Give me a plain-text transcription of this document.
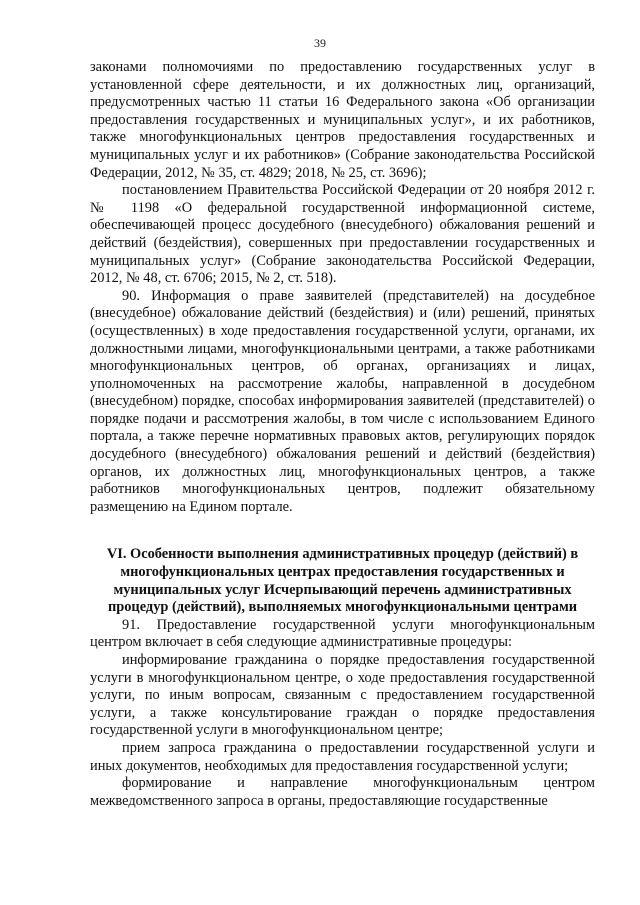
39

законами полномочиями по предоставлению государственных услуг в установленной сфере деятельности, и их должностных лиц, организаций, предусмотренных частью 11 статьи 16 Федерального закона «Об организации предоставления государственных и муниципальных услуг», и их работников, также многофункциональных центров предоставления государственных и муниципальных услуг и их работников» (Собрание законодательства Российской Федерации, 2012, № 35, ст. 4829; 2018, № 25, ст. 3696);

постановлением Правительства Российской Федерации от 20 ноября 2012 г. № 1198 «О федеральной государственной информационной системе, обеспечивающей процесс досудебного (внесудебного) обжалования решений и действий (бездействия), совершенных при предоставлении государственных и муниципальных услуг» (Собрание законодательства Российской Федерации, 2012, № 48, ст. 6706; 2015, № 2, ст. 518).

90. Информация о праве заявителей (представителей) на досудебное (внесудебное) обжалование действий (бездействия) и (или) решений, принятых (осуществленных) в ходе предоставления государственной услуги, органами, их должностными лицами, многофункциональными центрами, а также работниками многофункциональных центров, об органах, организациях и лицах, уполномоченных на рассмотрение жалобы, направленной в досудебном (внесудебном) порядке, способах информирования заявителей (представителей) о порядке подачи и рассмотрения жалобы, в том числе с использованием Единого портала, а также перечне нормативных правовых актов, регулирующих порядок досудебного (внесудебного) обжалования решений и действий (бездействия) органов, их должностных лиц, многофункциональных центров, а также работников многофункциональных центров, подлежит обязательному размещению на Едином портале.

VI. Особенности выполнения административных процедур (действий) в многофункциональных центрах предоставления государственных и муниципальных услуг Исчерпывающий перечень административных процедур (действий), выполняемых многофункциональными центрами

91. Предоставление государственной услуги многофункциональным центром включает в себя следующие административные процедуры:

информирование гражданина о порядке предоставления государственной услуги в многофункциональном центре, о ходе предоставления государственной услуги, по иным вопросам, связанным с предоставлением государственной услуги, а также консультирование граждан о порядке предоставления государственной услуги в многофункциональном центре;

прием запроса гражданина о предоставлении государственной услуги и иных документов, необходимых для предоставления государственной услуги;

формирование и направление многофункциональным центром межведомственного запроса в органы, предоставляющие государственные
